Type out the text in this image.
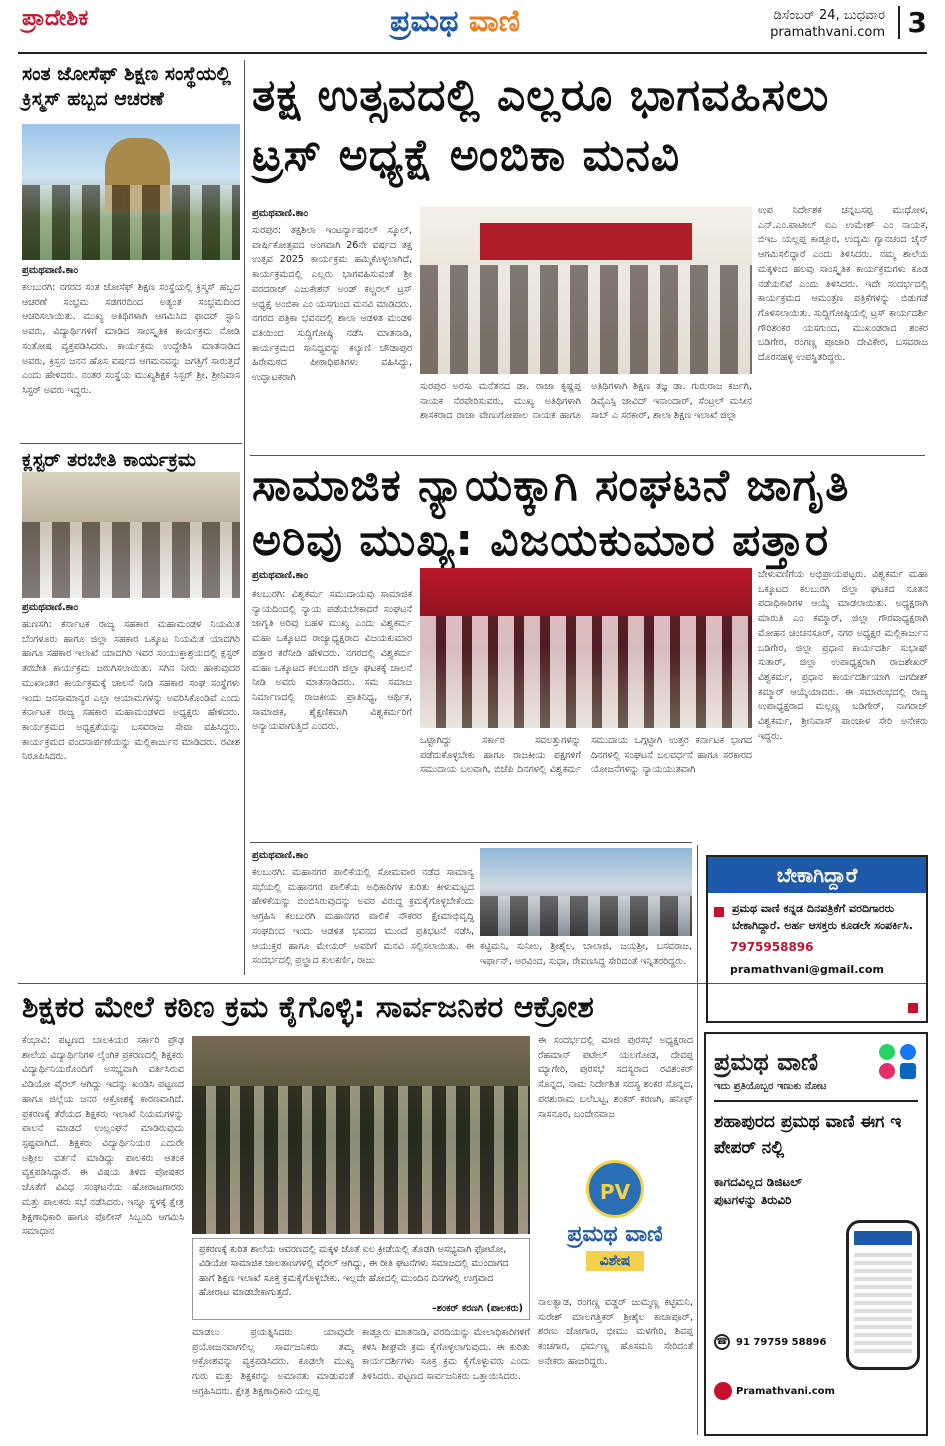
ಪ್ರಾದೇಶಿಕ	ಪ್ರಮಥ ವಾಣಿ	ಡಿಸೆಂಬರ್ 24, ಬುಧವಾರ
pramathvani.com 3
ಸಂತ ಜೋಸೆಫ್ ಶಿಕ್ಷಣ ಸಂಸ್ಥೆಯಲ್ಲಿ ಕ್ರಿಸ್ಮಸ್ ಹಬ್ಬದ ಆಚರಣೆ
ಪ್ರಮಥವಾಣಿ.ಕಾಂ
ಕಲಬುರಗಿ: ನಗರದ ಸಂತ ಜೋಸೆಫ್ ಶಿಕ್ಷಣ ಸಂಸ್ಥೆಯಲ್ಲಿ ಕ್ರಿಸ್ಮಸ್ ಹಬ್ಬದ ಆಚರಣೆ ಸಂಭ್ರಮ ಸಡಗರದಿಂದ ಅತ್ಯಂತ ಸಂಭ್ರಮದಿಂದ ಆಚರಿಸಲಾಯಿತು. ಮುಖ್ಯ ಅತಿಥಿಗಳಾಗಿ ಆಗಮಿಸಿದ ಫಾದರ್ ಸ್ಟಾನಿ ಅವರು, ವಿದ್ಯಾರ್ಥಿಗಳಿಗೆ ಮಾಡಿದ ಸಾಂಸ್ಕೃತಿಕ ಕಾರ್ಯಕ್ರಮ ನೋಡಿ ಸಂತೋಷ ವ್ಯಕ್ತಪಡಿಸಿದರು. ಕಾರ್ಯಕ್ರಮ ಉದ್ದೇಶಿಸಿ ಮಾತನಾಡಿದ ಅವರು, ಕ್ರಿಸ್ತನ ಜನನ ಹೊಸ ವರ್ಷದ ಆಗಮನವನ್ನು ಜಗತ್ತಿಗೆ ಸಾರುತ್ತದೆ ಎಂದು ಹೇಳಿದರು. ನಂತರ ಸಂಸ್ಥೆಯ ಮುಖ್ಯಶಿಕ್ಷಕ ಸಿಸ್ಟರ್ ಶ್ರೀ, ಶ್ರೀನಿವಾಸ ಸಿಸ್ಟರ್ ಅವರು ಇದ್ದರು.
ಕ್ಲಸ್ಟರ್ ತರಬೇತಿ ಕಾರ್ಯಕ್ರಮ
ಪ್ರಮಥವಾಣಿ.ಕಾಂ
ಹುಣಸಗಿ: ಕರ್ನಾಟಕ ರಾಜ್ಯ ಸಹಕಾರ ಮಹಾಮಂಡಳ ನಿಯಮಿತ ಬೆಂಗಳೂರು ಹಾಗೂ ಜಿಲ್ಲಾ ಸಹಕಾರ ಒಕ್ಕೂಟ ನಿಯಮಿತ ಯಾದಗಿರಿ ಹಾಗೂ ಸಹಕಾರ ಇಲಾಖೆ ಯಾದಗಿರಿ ಇವರ ಸಂಯುಕ್ತಾಶ್ರಯದಲ್ಲಿ ಕ್ಲಸ್ಟರ್ ತರಬೇತಿ ಕಾರ್ಯಕ್ರಮ ಜರುಗಿಸಲಾಯಿತು. ಸಗಿನ ನೀರು ಹಾಕುವುದರ ಮುಖಾಂತರ ಕಾರ್ಯಕ್ರಮಕ್ಕೆ ಚಾಲನೆ ನೀಡಿ ಸಹಕಾರ ಸಂಘ ಸಂಸ್ಥೆಗಳು ಇಂದು ಜನಸಾಮಾನ್ಯರ ಎಲ್ಲಾ ಆಯಾಮಗಳನ್ನು ಅವರಿಸಿಕೊಂಡಿವೆ ಎಂದು ಕರ್ನಾಟಕ ರಾಜ್ಯ ಸಹಕಾರ ಮಹಾಮಂಡಳದ ಅಧ್ಯಕ್ಷರು ಹೇಳಿದರು. ಕಾರ್ಯಕ್ರಮದ ಅಧ್ಯಕ್ಷತೆಯನ್ನು ಬಸವರಾಜ ಸೇವಾ ವಹಿಸಿದ್ದರು. ಕಾರ್ಯಕ್ರಮದ ವಂದನಾರ್ಪಣೆಯನ್ನು ಮಲ್ಲಿಕಾರ್ಜುನ ಮಾಡಿದರು. ರವೀಶ ನಿರೂಪಿಸಿದರು.
ತಕ್ಷ ಉತ್ಸವದಲ್ಲಿ ಎಲ್ಲರೂ ಭಾಗವಹಿಸಲು
ಟ್ರಸ್ ಅಧ್ಯಕ್ಷೆ ಅಂಬಿಕಾ ಮನವಿ
ಪ್ರಮಥವಾಣಿ.ಕಾಂ
ಸುರಪುರ: ತಕ್ಷಶಿಲಾ ಇಂಟರ್ನ್ಯಾಷನಲ್ ಸ್ಕೂಲ್, ವಾರ್ಷಿಕೋತ್ಸವದ ಅಂಗವಾಗಿ 26ನೇ ವರ್ಷದ ತಕ್ಷ ಉತ್ಸವ 2025 ಕಾರ್ಯಕ್ರಮ ಹಮ್ಮಿಕೊಳ್ಳಲಾಗಿದೆ, ಕಾರ್ಯಕ್ರಮದಲ್ಲಿ ಎಲ್ಲರು ಭಾಗವಹಿಸುವಂತೆ ಶ್ರೀ ವರದರಾಜ್ ಎಜುಕೇಶನ್ ಅಂಡ್ ಕಲ್ಚರಲ್ ಟ್ರಸ್ ಅಧ್ಯಕ್ಷೆ ಅಂಬಿಕಾ ಎಂ ಯಸಗುಂದ ಮನವಿ ಮಾಡಿದರು. ನಗರದ ಪತ್ರಿಕಾ ಭವನದಲ್ಲಿ ಶಾಲಾ ಆಡಳಿತ ಮಂಡಳಿ ವತಿಯಿಂದ ಸುದ್ದಿಗೋಷ್ಠಿ ನಡೆಸಿ ಮಾತನಾಡಿ, ಕಾರ್ಯಕ್ರಮದ ಸಾನಿಧ್ಯವನ್ನು ಕಲ್ಯಾಣಿ ಚೌಡಾಪುರ ಹಿರೇಮಠದ ಪೀಠಾಧಿಪತಿಗಳು ವಹಿಸಿದ್ದು, ಉದ್ಘಾಟಕರಾಗಿ
ಸುರಪುರ ಅರಸು ಮನೆತನದ ಡಾ. ರಾಜಾ ಕೃಷ್ಣಪ್ಪ ನಾಯಕ ನೆರವೇರಿಸುವರು, ಮುಖ್ಯ ಅತಿಥಿಗಳಾಗಿ ಶಾಸಕರಾದ ರಾಜಾ ವೇಣುಗೋಪಾಲ ನಾಯಕ ಹಾಗೂ ಅತಿಥಿಗಳಾಗಿ ಶಿಕ್ಷಣ ತಜ್ಞ ಡಾ. ಗುರುರಾಜ ಕರ್ಜಗಿ, ಡಿವೈಎಸ್ಪಿ ಜಾವಿದ್ ಇನಾಂದಾರ್, ಸೆಂಟ್ರಲ್ ಮಸೀನ ಸಾಬ್ ಎ ಸರಕಾರ್, ಶಾಲಾ ಶಿಕ್ಷಣ ಇಲಾಖೆ ಜಿಲ್ಲಾ
ಉಪ ನಿರ್ದೇಶಕ ಚನ್ನಬಸಪ್ಪ ಮುಧೋಳ, ಎನ್.ಎಂ.ಪಾಟೀಲ್ ಐಎ ಉಮೇಶ್ ಎಂ ನಾಯಕ, ಬಿಇಒ ಯಲ್ಲಪ್ಪ ಕಾಡ್ಲೂರ, ಉದ್ಯಮಿ ಗ್ಯಾನಚಂದ ಜೈನ್ ಆಗಮಿಸಲಿದ್ದಾರೆ ಎಂದು ತಿಳಿಸಿದರು. ನಮ್ಮ ಶಾಲೆಯ ಮಕ್ಕಳಿಂದ ಹಲವು ಸಾಂಸ್ಕೃತಿಕ ಕಾರ್ಯಕ್ರಮಗಳು ಕೂಡ ನಡೆಯಲಿವೆ ಎಂದು ತಿಳಿಸಿದರು. ಇದೇ ಸಂದರ್ಭದಲ್ಲಿ ಕಾರ್ಯಕ್ರಮದ ಆಮಂತ್ರಣ ಪತ್ರಿಕೆಗಳನ್ನು ಬಿಡುಗಡೆ ಗೊಳಿಸಲಾಯಿತು. ಸುದ್ದಿಗೋಷ್ಠಿಯಲ್ಲಿ ಟ್ರಸ್ ಕಾರ್ಯದರ್ಶಿ ಗೌರಿಶಂಕರ ಯಸಗುಂದ, ಮುಖಂಡರಾದ ಶಂಕರ ಬಡಿಗೇರ, ರಂಗಣ್ಣ ಪೂಜಾರಿ ದೇವಿಕೇರ, ಬಸವರಾಜ ದೊರನಹಳ್ಳಿ ಉಪಸ್ಥಿತರಿದ್ದರು.
ಸಾಮಾಜಿಕ ನ್ಯಾಯಕ್ಕಾಗಿ ಸಂಘಟನೆ ಜಾಗೃತಿ
ಅರಿವು ಮುಖ್ಯ: ವಿಜಯಕುಮಾರ ಪತ್ತಾರ
ಪ್ರಮಥವಾಣಿ.ಕಾಂ
ಕಲಬುರಗಿ: ವಿಶ್ವಕರ್ಮ ಸಮುದಾಯವು ಸಾಮಾಜಿಕ ನ್ಯಾಯದಿಂದಲ್ಲಿ ನ್ಯಾಯ ಪಡೆಯಬೇಕಾದರೆ ಸಂಘಟನೆ ಜಾಗೃತಿ ಅರಿವು ಬಹಳ ಮುಖ್ಯ ಎಂದು ವಿಶ್ವಕರ್ಮ ಮಹಾ ಒಕ್ಕೂಟದ ರಾಜ್ಯಾಧ್ಯಕ್ಷರಾದ ವಿಜಯಕುಮಾರ ಪತ್ತಾರ ಕರೆನೀಡಿ ಹೇಳಿದರು. ನಗರದಲ್ಲಿ ವಿಶ್ವಕರ್ಮ ಮಹಾ ಒಕ್ಕೂಟದ ಕಲಬುರಗಿ ಜಿಲ್ಲಾ ಘಟಕಕ್ಕೆ ಚಾಲನೆ ನೀಡಿ ಅವರು ಮಾತನಾಡಿದರು. ಸಮ ಸಮಾಜ ನಿರ್ಮಾಣದಲ್ಲಿ ರಾಜಕೀಯ ಪ್ರಾತಿನಿಧ್ಯ, ಆರ್ಥಿಕ, ಸಾಮಾಜಿಕ, ಶೈಕ್ಷಣಿಕವಾಗಿ ವಿಶ್ವಕರ್ಮರಿಗೆ ಅನ್ಯಾಯವಾಗುತ್ತಿದೆ ಎಂದರು.
ಒಟ್ಟಾಗಿದ್ದು ಸರ್ಕಾರ ಸವಲತ್ತುಗಳನ್ನು ಪಡೆದುಕೊಳ್ಳಬೇಕು ಹಾಗೂ ರಾಜಕೀಯ ಪಕ್ಷಗಳಿಗೆ ಸಮುದಾಯ ಬಲವಾಗಿ, ಬಿಜೆಪಿ ದಿನಗಳಲ್ಲಿ ವಿಶ್ವಕರ್ಮ ಸಮುದಾಯ ಒಗ್ಗಟ್ಟಾಗಿ ಉತ್ತರ ಕರ್ನಾಟಕ ಭಾಗದ ದಿನಗಳಲ್ಲಿ ಸಂಘಟನೆ ಬಲವರ್ಧನೆ ಹಾಗೂ ಸರಕಾರದ ಯೋಜನೆಗಳನ್ನು ನ್ಯಾಯಯುತವಾಗಿ
ಬೇಳುವಣಿಗೆಯ ಅಭಿಪ್ರಾಯಪಟ್ಟರು. ವಿಶ್ವಕರ್ಮ ಮಹಾ ಒಕ್ಕೂಟದ ಕಲಬುರಗಿ ಜಿಲ್ಲಾ ಘಟಕದ ನೂತನ ಪದಾಧಿಕಾರಿಗಳ ಆಯ್ಕೆ ಮಾಡಲಾಯಿತು. ಅಧ್ಯಕ್ಷರಾಗಿ ಮಾರುತಿ ಎಂ ಕಮ್ಮಾರ್, ಜಿಲ್ಲಾ ಗೌರವಾಧ್ಯಕ್ಷರಾಗಿ ಮೋಹನ ಚಿಂಚನಸೂರ್, ನಗರ ಅಧ್ಯಕ್ಷರ ಮಲ್ಲಿಕಾರ್ಜುನ ಬಡಿಗೇರ, ಜಿಲ್ಲಾ ಪ್ರಧಾನ ಕಾರ್ಯದರ್ಶಿ ಸುಭಾಷ್ ಸುತಾರ್, ಜಿಲ್ಲಾ ಉಪಾಧ್ಯಕ್ಷರಾಗಿ ರಾಜಶೇಖರ್ ವಿಶ್ವಕರ್ಮ, ಪ್ರಧಾನ ಕಾರ್ಯದರ್ಶಿಯಾಗಿ ಜಗದೀಶ್ ಕಮ್ಮಾರ್ ಆಯ್ಕೆಯಾದರು. ಈ ಸಮಾರಂಭದಲ್ಲಿ ರಾಜ್ಯ ಉಪಾಧ್ಯಕ್ಷರಾದ ಮಲ್ಲಣ್ಣ ಬಡಿಗೇರ್, ನಾಗರಾಜ್ ವಿಶ್ವಕರ್ಮ, ಶ್ರೀನಿವಾಸ್ ಪಾಂಚಾಳ ಸೇರಿ ಅನೇಕರು ಇದ್ದರು.
ಪ್ರಮಥವಾಣಿ.ಕಾಂ
ಕಲಬುರಗಿ: ಮಹಾನಗರ ಪಾಲಿಕೆಯಲ್ಲಿ ಸೋಮವಾರ ನಡೆದ ಸಾಮಾನ್ಯ ಸಭೆಯಲ್ಲಿ ಮಹಾನಗರ ಪಾಲಿಕೆಯ ಅಧಿಕಾರಿಗಳ ಕುರಿತು ಕೀಳುಮಟ್ಟದ ಹೇಳಿಕೆಯನ್ನು ಬಿಂಬಿಸಿರುವುದನ್ನು ಅವರ ವಿರುದ್ಧ ಕ್ರಮಕೈಗೊಳ್ಳಬೇಕೆಂದು ಆಗ್ರಹಿಸಿ ಕಲಬುರಗಿ ಮಹಾನಗರ ಪಾಲಿಕೆ ನೌಕರರ ಕ್ಷೇಮಾಭಿವೃದ್ಧಿ ಸಂಘದಿಂದ ಇಂದು ಆಡಳಿತ ಭವನದ ಮುಂದೆ ಪ್ರತಿಭಟನೆ ನಡೆಸಿ, ಆಯುಕ್ತರ ಹಾಗೂ ಮೇಯರ್ ಅವರಿಗೆ ಮನವಿ ಸಲ್ಲಿಸಲಾಯಿತು. ಈ ಸಂದರ್ಭದಲ್ಲಿ ಪ್ರಲ್ಹಾದ ಕುಲಕರ್ಣಿ, ರಾಜು
ಕಟ್ಟಿಮನಿ, ಸುನೀಲ, ಶ್ರೀಶೈಲ, ಬಾಲಾಜಿ, ಜಯಶ್ರೀ, ಬಸವರಾಜ, ಇರ್ಫಾನ್, ಅರವಿಂದ, ಸುಧಾ, ರೇವಣಸಿದ್ದ ಸೇರಿದಂತೆ ಇನ್ನಿತರರಿದ್ದರು.
ಬೇಕಾಗಿದ್ದಾರೆ
ಪ್ರಮಥ ವಾಣಿ ಕನ್ನಡ ದಿನಪತ್ರಿಕೆಗೆ ವರದಿಗಾರರು ಬೇಕಾಗಿದ್ದಾರೆ. ಅರ್ಹ ಆಸಕ್ತರು ಕೂಡಲೇ ಸಂಪರ್ಕಿಸಿ.
7975958896
pramathvani@gmail.com
ಶಿಕ್ಷಕರ ಮೇಲೆ ಕಠಿಣ ಕ್ರಮ ಕೈಗೊಳ್ಳಿ: ಸಾರ್ವಜನಿಕರ ಆಕ್ರೋಶ
ಕೆಂಭಾವಿ: ಪಟ್ಟಣದ ಬಾಲಕಿಯರ ಸರ್ಕಾರಿ ಪ್ರೌಢ ಶಾಲೆಯ ವಿದ್ಯಾರ್ಥಿನಿಗಳ ಲೈಂಗಿಕ ಪ್ರಕರಣದಲ್ಲಿ ಶಿಕ್ಷಕರು ವಿದ್ಯಾರ್ಥಿನಿಯರೊಂದಿಗೆ ಅಸಭ್ಯವಾಗಿ ವರ್ತಿಸಿರುವ ವಿಡಿಯೋ ವೈರಲ್ ಆಗಿದ್ದು ಇದನ್ನು ಖಂಡಿಸಿ ಪಟ್ಟಣದ ಹಾಗೂ ಜಿಲ್ಲೆಯ ಜನರ ಆಕ್ರೋಶಕ್ಕೆ ಕಾರಣವಾಗಿದೆ. ಪ್ರಕರಣಕ್ಕೆ ತೆರೆಯದ ಶಿಕ್ಷಕರು ಇಲಾಖೆ ನಿಯಮಗಳನ್ನು ಪಾಲನೆ ಮಾಡದೆ ಉಲ್ಲಂಘನೆ ಮಾಡಿರುವುದು ಸ್ಪಷ್ಟವಾಗಿದೆ. ಶಿಕ್ಷಕರು ವಿದ್ಯಾರ್ಥಿನಿಯರ ಎದುರೇ ಅಶ್ಲೀಲ ವರ್ತನೆ ಮಾಡಿದ್ದು ಪಾಲಕರು ಆತಂಕ ವ್ಯಕ್ತಪಡಿಸಿದ್ದಾರೆ. ಈ ವಿಷಯ ತಿಳಿದ ಪೋಷಕರ ಜೊತೆಗೆ ವಿವಿಧ ಸಂಘಟನೆಯ ಹೋರಾಟಗಾರರು ಮತ್ತು ಪಾಲಕರು ಸಭೆ ನಡೆಸಿದರು. ಇನ್ನೂ ಸ್ಥಳಕ್ಕೆ ಕ್ಷೇತ್ರ ಶಿಕ್ಷಣಾಧಿಕಾರಿ ಹಾಗೂ ಪೊಲೀಸ್ ಸಿಬ್ಬಂದಿ ಆಗಮಿಸಿ ಸಮಾಧಾನ
ಪ್ರಕರಣಕ್ಕೆ ಕುರಿತ ಶಾಲೆಯ ಆವರಣದಲ್ಲಿ ಮಕ್ಕಳ ಜೊತೆ ಐಲ ಕ್ರೀಡೆಯಲ್ಲಿ ತೊಡಗಿ ಅಸಭ್ಯವಾಗಿ ಫೋಟೋ, ವಿಡಿಯೋ ಸಾಮಾಜಿಕ ಜಾಲತಾಣಗಳಲ್ಲಿ ವೈರಲ್ ಆಗಿದ್ದು, ಈ ರೀತಿ ಘಟನೆಗಳು ಸಮಾಜದಲ್ಲಿ ಮುಂದಾಗದ ಹಾಗೆ ಶಿಕ್ಷಣ ಇಲಾಖೆ ಸೂಕ್ತ ಕ್ರಮಕೈಗೊಳ್ಳಬೇಕು. ಇಲ್ಲದೇ ಹೋದಲ್ಲಿ ಮುಂದಿನ ದಿನಗಳಲ್ಲಿ ಉಗ್ರವಾದ ಹೋರಾಟ ಮಾಡಬೇಕಾಗುತ್ತದೆ.
–ಶಂಕರ್ ಕರಣಗಿ (ಪಾಲಕರು)
ಮಾಡಲು ಪ್ರಯತ್ನಿಸಿದರು ಯಾವುದೇ ಪ್ರಯೋಜನವಾಗಲಿಲ್ಲ ಸಾರ್ವಜನಿಕರು ತಮ್ಮ ಆಕ್ರೋಶವನ್ನು ವ್ಯಕ್ತಪಡಿಸಿದರು. ಕೂಡಲೇ ಮುಖ್ಯ ಗುರು ಮತ್ತು ಶಿಕ್ಷಕರನ್ನು ಅಮಾನತು ಮಾಡುವಂತೆ ಆಗ್ರಹಿಸಿದರು. ಕ್ಷೇತ್ರ ಶಿಕ್ಷಣಾಧಿಕಾರಿ ಯಲ್ಲಪ್ಪ
ಕಾಡ್ಲೂರು ಮಾತನಾಡಿ, ವರದಿಯನ್ನು ಮೇಲಾಧಿಕಾರಿಗಳಿಗೆ ಕಳಿಸಿ ಶೀಘ್ರವೇ ಕ್ರಮ ಕೈಗೊಳ್ಳಲಾಗುವುದು. ಈ ಕುರಿತು ಕಾರ್ಯದರ್ಶಿಗಳು ಸೂಕ್ತ ಕ್ರಮ ಕೈಗೊಳ್ಳುವರು ಎಂದು ತಿಳಿಸಿದರು. ಪಟ್ಟಣದ ಸಾರ್ವಜನಿಕರು ಒತ್ತಾಯಿಸಿದರು.
ಈ ಸಂದರ್ಭದಲ್ಲಿ ಮಾಜಿ ಪುರಸಭೆ ಅಧ್ಯಕ್ಷರಾದ ರೆಹಮಾನ್ ಪಟೇಲ್ ಯಲಗೋಡ, ದೇವಪ್ಪ ಮ್ಯಾಗೇರಿ, ಪುರಸಭೆ ಸದಸ್ಯರಾದ ರವಿಶಂಕರ್ ಸೊನ್ನದ, ನಾಮ ನಿರ್ದೇಶಿತ ಸದಸ್ಯ ಶಂಕರ ಸೊನ್ನದ, ಪರಶುರಾಮ ಬಲೆಬಟ್ಟ, ಶಂಕರ್ ಕರಣಗಿ, ಹನೀಫ್ ಸಾಸನೂರ, ಬಂದೇನವಾಜ
PV
ಪ್ರಮಥ ವಾಣಿ
ವಿಶೇಷ
ನಾಲತ್ವಾಡ, ರಂಗಣ್ಣ ವಡ್ಡರ್ ಜುಮ್ಮಣ್ಣ ಕಟ್ಟಿಮನಿ, ಸುರೇಶ್ ಮಾಲಗತ್ತಿಕರ್ ಶ್ರೀಶೈಲ ಕಾಚಾಪೂರ್, ಶರಣು ಜೋಗಾರ, ಭೀಮು ಮಳಗೇರಿ, ಶಿವಪ್ಪ ಕಂಚಗಾರ, ಧರ್ಮಣ್ಣ ಹೊಸಮನಿ ಸೇರಿದಂತೆ ಅನೇಕರು ಹಾಜರಿದ್ದರು.
ಪ್ರಮಥ ವಾಣಿ
ಇದು ಪ್ರತಿಯೊಬ್ಬರ ಇಣುಕು ನೋಟ
ಶಹಾಪುರದ ಪ್ರಮಥ ವಾಣಿ ಈಗ ಇ ಪೇಪರ್ ನಲ್ಲಿ
ಕಾಗದವಿಲ್ಲದ ಡಿಜಿಟಲ್ ಪುಟಗಳನ್ನು ತಿರುವಿರಿ
☎ 91 79759 58896
Pramathvani.com
